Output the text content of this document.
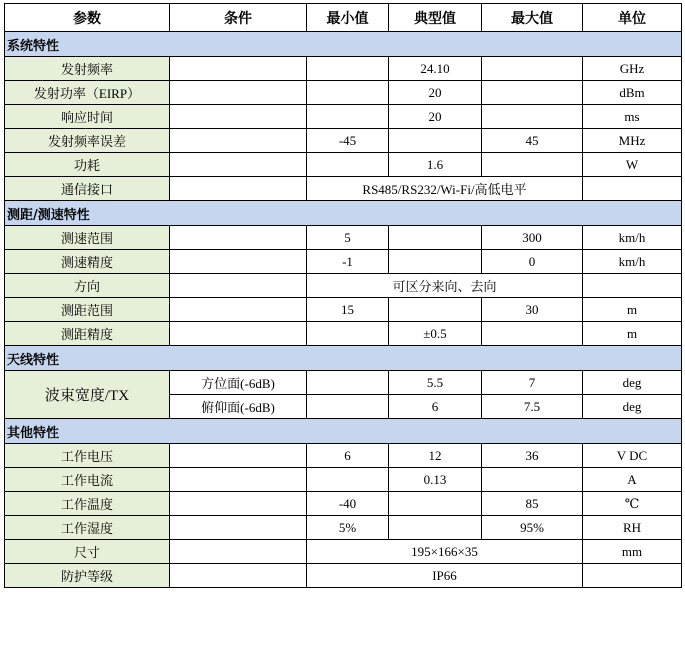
参数	条件	最小值	典型值	最大值	单位
系统特性					
发射频率			24.10		GHz
发射功率（EIRP）			20		dBm
响应时间			20		ms
发射频率误差		-45		45	MHz
功耗			1.6		W
通信接口		RS485/RS232/Wi-Fi/高低电平			
测距/测速特性					
测速范围		5		300	km/h
测速精度		-1		0	km/h
方向		可区分来向、去向			
测距范围		15		30	m
测距精度			±0.5		m
天线特性					
波束宽度/TX	方位面(-6dB)		5.5	7	deg
	俯仰面(-6dB)		6	7.5	deg
其他特性					
工作电压		6	12	36	V DC
工作电流			0.13		A
工作温度		-40		85	℃
工作湿度		5%		95%	RH
尺寸		195×166×35			mm
防护等级		IP66			
